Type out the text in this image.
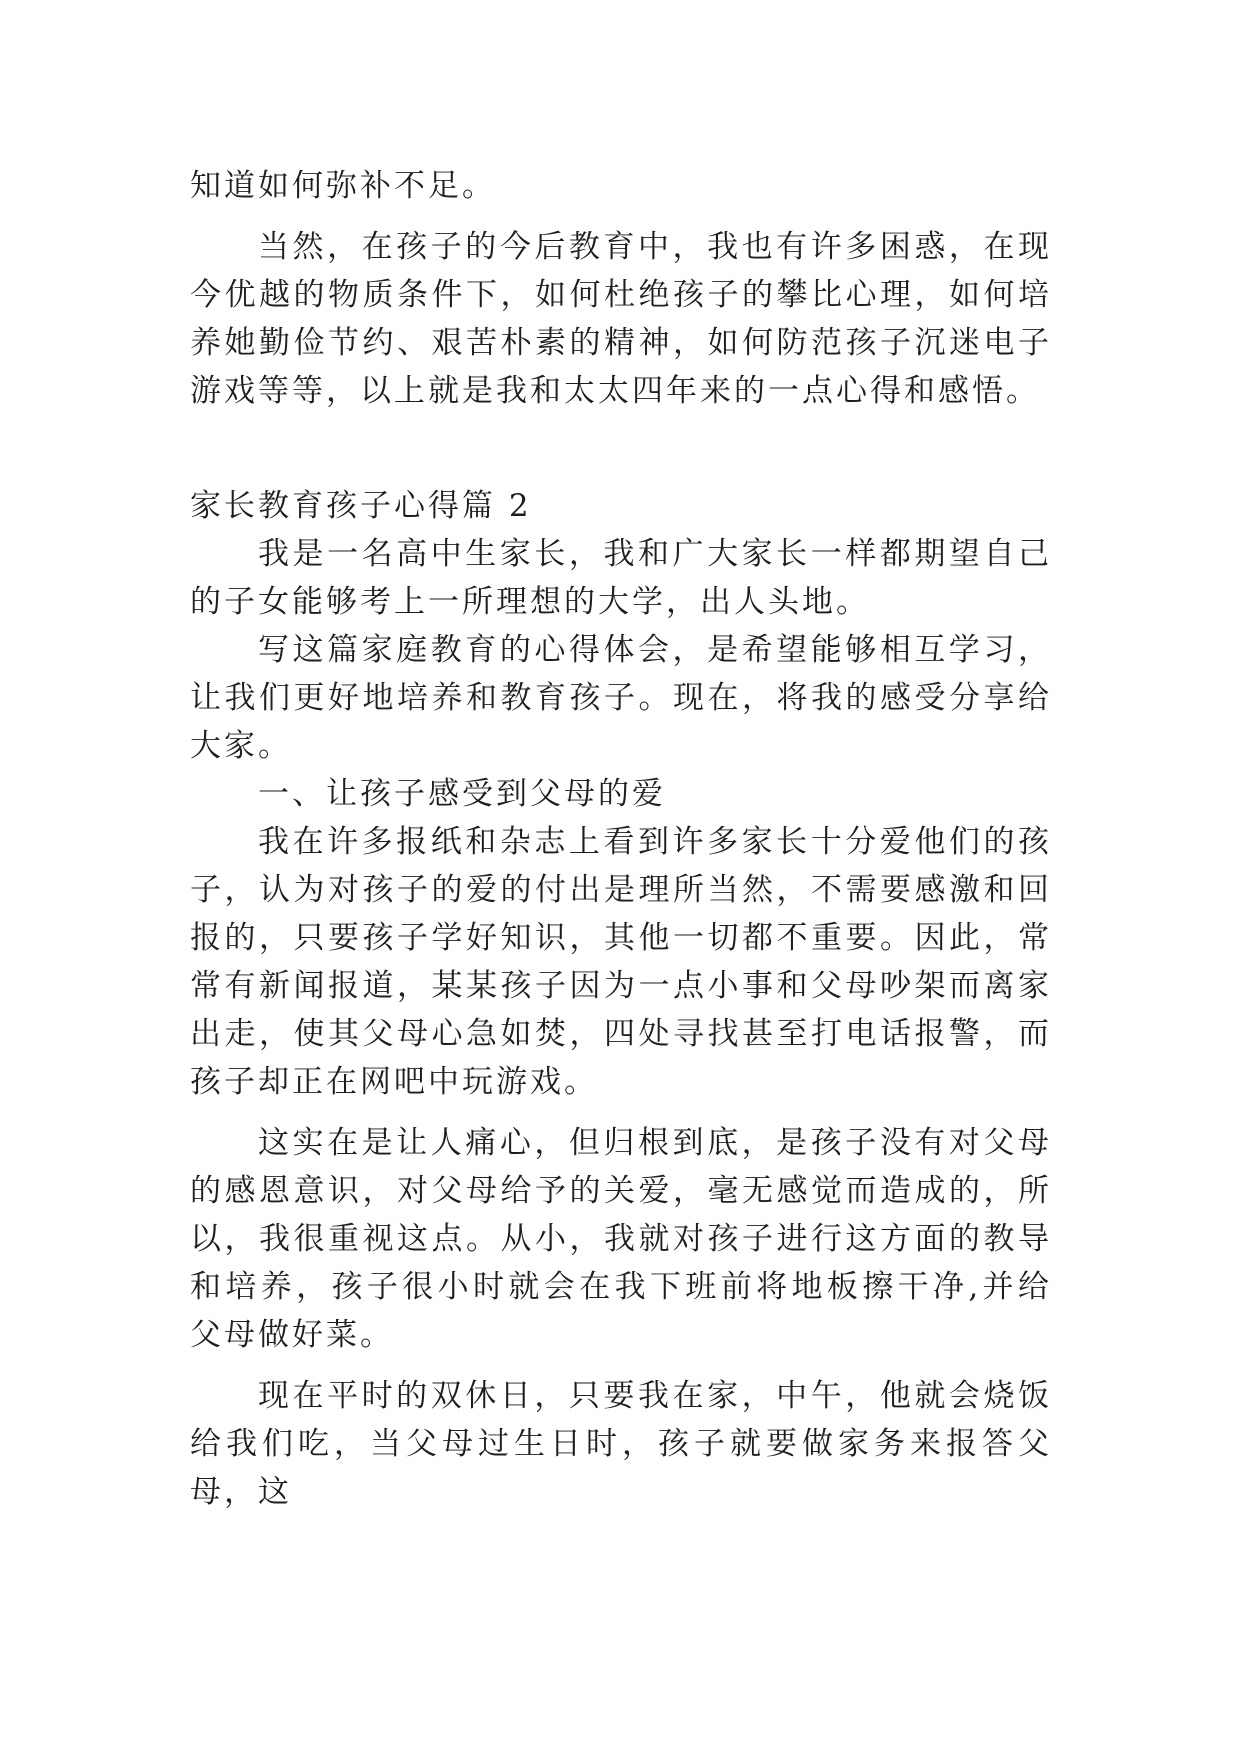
知道如何弥补不足。

当然，在孩子的今后教育中，我也有许多困惑，在现今优越的物质条件下，如何杜绝孩子的攀比心理，如何培养她勤俭节约、艰苦朴素的精神，如何防范孩子沉迷电子游戏等等，以上就是我和太太四年来的一点心得和感悟。

家长教育孩子心得篇 2

我是一名高中生家长，我和广大家长一样都期望自己的子女能够考上一所理想的大学，出人头地。

写这篇家庭教育的心得体会，是希望能够相互学习，让我们更好地培养和教育孩子。现在，将我的感受分享给大家。

一、让孩子感受到父母的爱

我在许多报纸和杂志上看到许多家长十分爱他们的孩子，认为对孩子的爱的付出是理所当然，不需要感激和回报的，只要孩子学好知识，其他一切都不重要。因此，常常有新闻报道，某某孩子因为一点小事和父母吵架而离家出走，使其父母心急如焚，四处寻找甚至打电话报警，而孩子却正在网吧中玩游戏。

这实在是让人痛心，但归根到底，是孩子没有对父母的感恩意识，对父母给予的关爱，毫无感觉而造成的，所以，我很重视这点。从小，我就对孩子进行这方面的教导和培养，孩子很小时就会在我下班前将地板擦干净,并给父母做好菜。

现在平时的双休日，只要我在家，中午，他就会烧饭给我们吃，当父母过生日时，孩子就要做家务来报答父母，这
